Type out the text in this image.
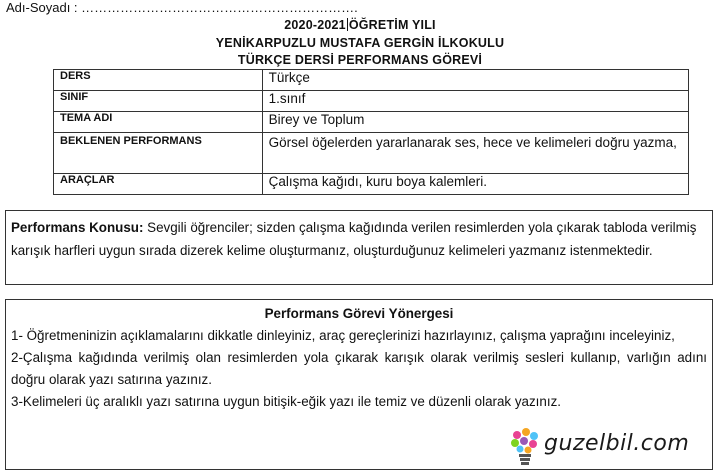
Adı-Soyadı : ……………………………………………………….
2020-2021 ÖĞRETİM YILI
YENİKARPUZLU MUSTAFA GERGİN İLKOKULU
TÜRKÇE DERSİ PERFORMANS GÖREVİ
DERS	Türkçe
SINIF	1.sınıf
TEMA ADI	Birey ve Toplum
BEKLENEN PERFORMANS	Görsel öğelerden yararlanarak ses, hece ve kelimeleri doğru yazma,
ARAÇLAR	Çalışma kağıdı, kuru boya kalemleri.
Performans Konusu: Sevgili öğrenciler; sizden çalışma kağıdında verilen resimlerden yola çıkarak tabloda verilmiş karışık harfleri uygun sırada dizerek kelime oluşturmanız, oluşturduğunuz kelimeleri yazmanız istenmektedir.
Performans Görevi Yönergesi

1- Öğretmeninizin açıklamalarını dikkatle dinleyiniz, araç gereçlerinizi hazırlayınız, çalışma yaprağını inceleyiniz,

2-Çalışma kağıdında verilmiş olan resimlerden yola çıkarak karışık olarak verilmiş sesleri kullanıp, varlığın adını doğru olarak yazı satırına yazınız.

3-Kelimeleri üç aralıklı yazı satırına uygun bitişik-eğik yazı ile temiz ve düzenli olarak yazınız.

guzelbil.com
